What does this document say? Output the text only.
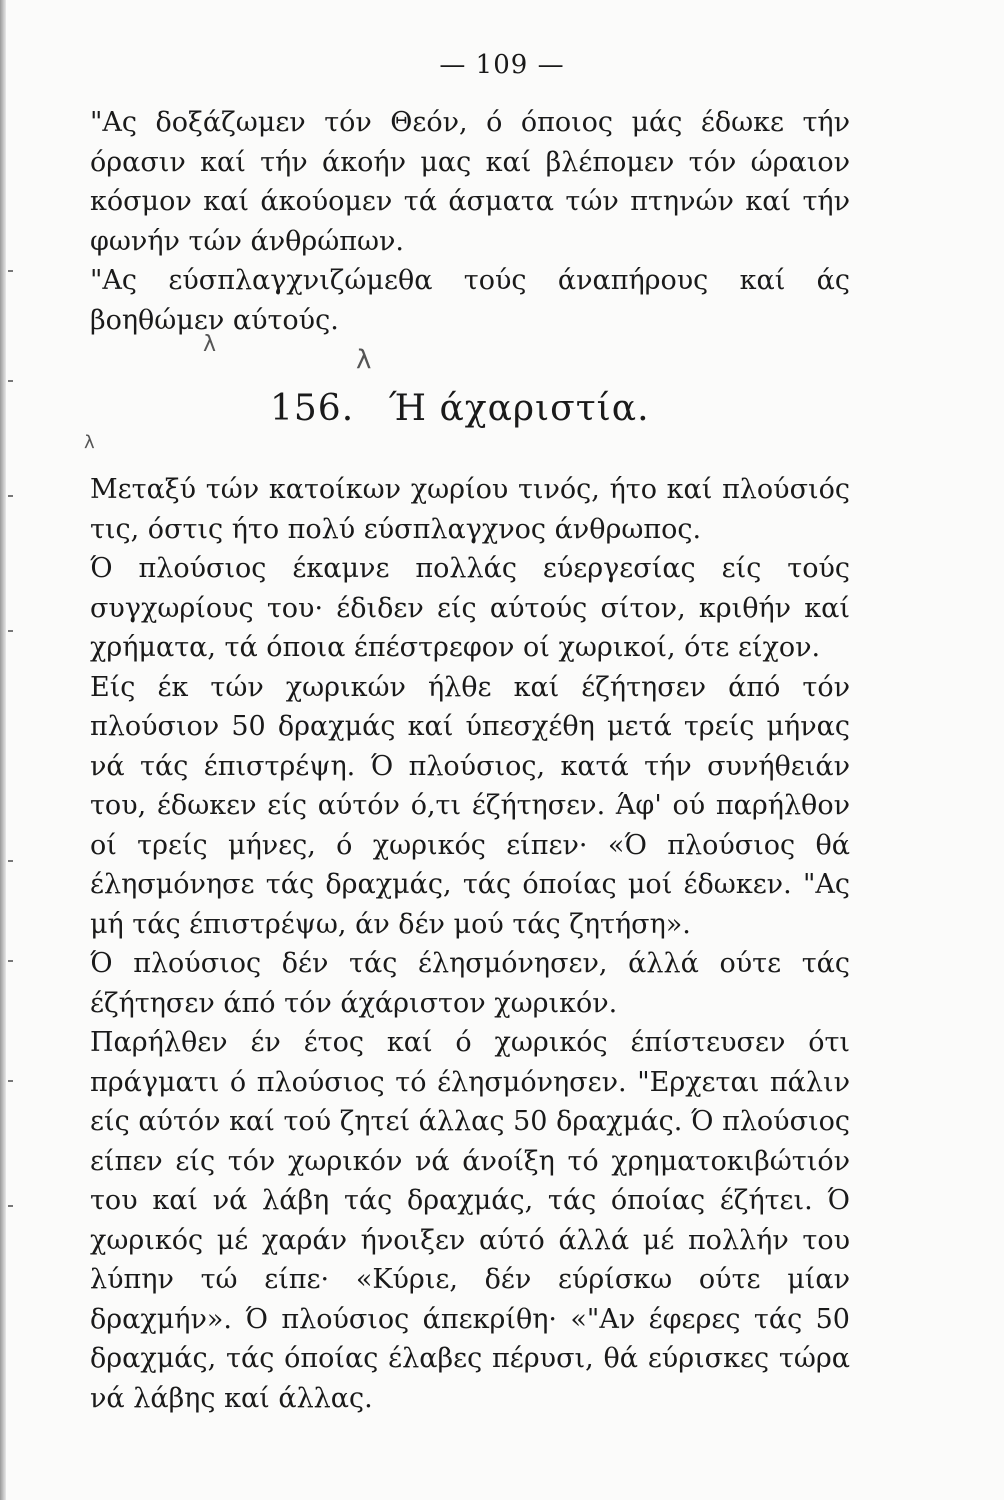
— 109 —

"Ας δοξάζωμεν τόν Θεόν, ό όποιος μάς έδωκε τήν όρασιν καί τήν άκοήν μας καί βλέπομεν τόν ώραιον κόσμον καί άκούομεν τά άσματα τών πτηνών καί τήν φωνήν τών άνθρώπων.

"Ας εύσπλαγχνιζώμεθα τούς άναπήρους καί άς βοηθώμεν αύτούς.

λ
λ
λ
156. Ή άχαριστία.

Μεταξύ τών κατοίκων χωρίου τινός, ήτο καί πλούσιός τις, όστις ήτο πολύ εύσπλαγχνος άνθρωπος.

Ό πλούσιος έκαμνε πολλάς εύεργεσίας είς τούς συγχωρίους του· έδιδεν είς αύτούς σίτον, κριθήν καί χρήματα, τά όποια έπέστρεφον οί χωρικοί, ότε είχον.

Είς έκ τών χωρικών ήλθε καί έζήτησεν άπό τόν πλούσιον 50 δραχμάς καί ύπεσχέθη μετά τρείς μήνας νά τάς έπιστρέψη. Ό πλούσιος, κατά τήν συνήθειάν του, έδωκεν είς αύτόν ό,τι έζήτησεν. Άφ' ού παρήλθον οί τρείς μήνες, ό χωρικός είπεν· «Ό πλούσιος θά έλησμόνησε τάς δραχμάς, τάς όποίας μοί έδωκεν. "Ας μή τάς έπιστρέψω, άν δέν μού τάς ζητήση».

Ό πλούσιος δέν τάς έλησμόνησεν, άλλά ούτε τάς έζήτησεν άπό τόν άχάριστον χωρικόν.

Παρήλθεν έν έτος καί ό χωρικός έπίστευσεν ότι πράγματι ό πλούσιος τό έλησμόνησεν. "Ερχεται πάλιν είς αύτόν καί τού ζητεί άλλας 50 δραχμάς. Ό πλούσιος είπεν είς τόν χωρικόν νά άνοίξη τό χρηματοκιβώτιόν του καί νά λάβη τάς δραχμάς, τάς όποίας έζήτει. Ό χωρικός μέ χαράν ήνοιξεν αύτό άλλά μέ πολλήν του λύπην τώ είπε· «Κύριε, δέν εύρίσκω ούτε μίαν δραχμήν». Ό πλούσιος άπεκρίθη· «"Αν έφερες τάς 50 δραχμάς, τάς όποίας έλαβες πέρυσι, θά εύρισκες τώρα νά λάβης καί άλλας.
